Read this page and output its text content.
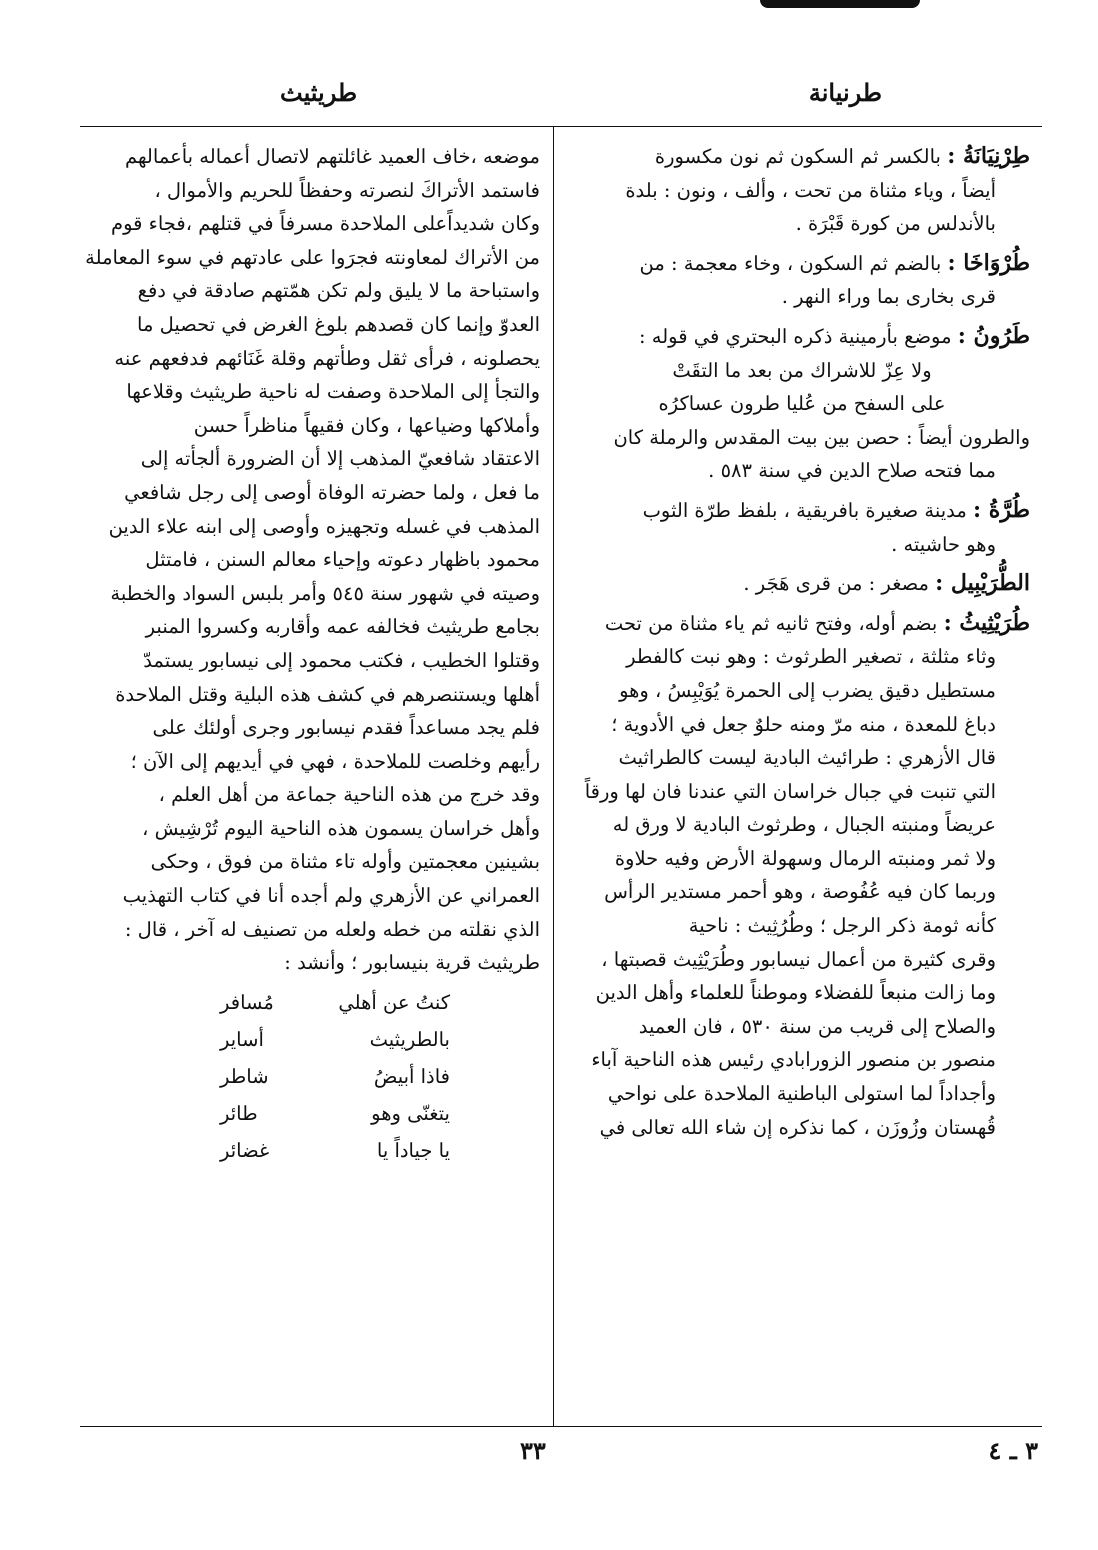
طرنيانة
طريثيث
طِرْنِيَانَةُ : بالكسر ثم السكون ثم نون مكسورة
أيضاً ، وياء مثناة من تحت ، وألف ، ونون : بلدة
بالأندلس من كورة قَبْرَة .
طُرْوَاخَا : بالضم ثم السكون ، وخاء معجمة : من
قرى بخارى بما وراء النهر .
طَرُونُ : موضع بأرمينية ذكره البحتري في قوله :
ولا عِزّ للاشراك من بعد ما التقَتْ
على السفح من عُليا طرون عساكرُه
والطرون أيضاً : حصن بين بيت المقدس والرملة كان
مما فتحه صلاح الدين في سنة ٥٨٣ .
طُرَّةُ : مدينة صغيرة بافريقية ، بلفظ طرّة الثوب
وهو حاشيته .
الطُّرَيْبِيل : مصغر : من قرى هَجَر .
طُرَيْثِيثُ : بضم أوله، وفتح ثانيه ثم ياء مثناة من تحت
وثاء مثلثة ، تصغير الطرثوث : وهو نبت كالفطر
مستطيل دقيق يضرب إلى الحمرة يُوَيْبِسُ ، وهو
دباغ للمعدة ، منه مرّ ومنه حلوٌ جعل في الأدوية ؛
قال الأزهري : طرائيث البادية ليست كالطراثيث
التي تنبت في جبال خراسان التي عندنا فان لها ورقاً
عريضاً ومنبته الجبال ، وطرثوث البادية لا ورق له
ولا ثمر ومنبته الرمال وسهولة الأرض وفيه حلاوة
وربما كان فيه عُفُوصة ، وهو أحمر مستدير الرأس
كأنه ثومة ذكر الرجل ؛ وطُرُثِيث : ناحية
وقرى كثيرة من أعمال نيسابور وطُرَيْثِيث قصبتها ،
وما زالت منبعاً للفضلاء وموطناً للعلماء وأهل الدين
والصلاح إلى قريب من سنة ٥٣٠ ، فان العميد
منصور بن منصور الزورابادي رئيس هذه الناحية آباء
وأجداداً لما استولى الباطنية الملاحدة على نواحي
قُهستان وزُوزَن ، كما نذكره إن شاء الله تعالى في
موضعه ،خاف العميد غائلتهم لاتصال أعماله بأعمالهم
فاستمد الأتراكَ لنصرته وحفظاً للحريم والأموال ،
وكان شديداًعلى الملاحدة مسرفاً في قتلهم ،فجاء قوم
من الأتراك لمعاونته فجرَوا على عادتهم في سوء المعاملة
واستباحة ما لا يليق ولم تكن همّتهم صادقة في دفع
العدوّ وإنما كان قصدهم بلوغ الغرض في تحصيل ما
يحصلونه ، فرأى ثقل وطأتهم وقلة غَنَائهم فدفعهم عنه
والتجأ إلى الملاحدة وصفت له ناحية طريثيث وقلاعها
وأملاكها وضياعها ، وكان فقيهاً مناظراً حسن
الاعتقاد شافعيّ المذهب إلا أن الضرورة ألجأته إلى
ما فعل ، ولما حضرته الوفاة أوصى إلى رجل شافعي
المذهب في غسله وتجهيزه وأوصى إلى ابنه علاء الدين
محمود باظهار دعوته وإحياء معالم السنن ، فامتثل
وصيته في شهور سنة ٥٤٥ وأمر بلبس السواد والخطبة
بجامع طريثيث فخالفه عمه وأقاربه وكسروا المنبر
وقتلوا الخطيب ، فكتب محمود إلى نيسابور يستمدّ
أهلها ويستنصرهم في كشف هذه البلية وقتل الملاحدة
فلم يجد مساعداً فقدم نيسابور وجرى أولئك على
رأيهم وخلصت للملاحدة ، فهي في أيديهم إلى الآن ؛
وقد خرج من هذه الناحية جماعة من أهل العلم ،
وأهل خراسان يسمون هذه الناحية اليوم تُرْشِيش ،
بشينين معجمتين وأوله تاء مثناة من فوق ، وحكى
العمراني عن الأزهري ولم أجده أنا في كتاب التهذيب
الذي نقلته من خطه ولعله من تصنيف له آخر ، قال :
طريثيث قرية بنيسابور ؛ وأنشد :
كنتُ عن أهلي
مُسافر
بالطريثيث
أساير
فاذا أبيضُ
شاطر
يتغنّى وهو
طائر
يا جياداً يا
غضائر
٣٣	٣ ـ ٤
